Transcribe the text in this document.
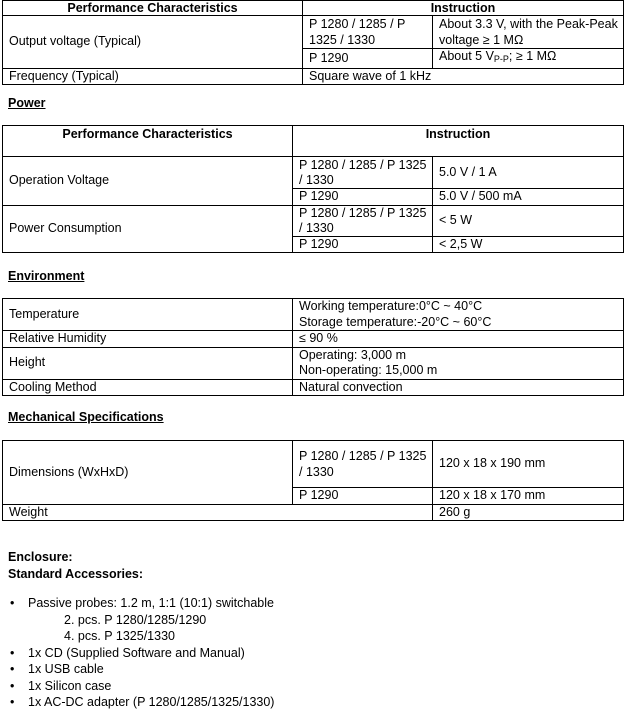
Performance Characteristics	Instruction	
Output voltage (Typical)	P 1280 / 1285 / P 1325 / 1330	About 3.3 V, with the Peak-Peak voltage ≥ 1 MΩ
	P 1290	About 5 $V_{P-P}$; ≥ 1 MΩ
Frequency (Typical)	Square wave of 1 kHz	
Power
Performance Characteristics	Instruction	
Operation Voltage	P 1280 / 1285 / P 1325 / 1330	5.0 V / 1 A
	P 1290	5.0 V / 500 mA
Power Consumption	P 1280 / 1285 / P 1325 / 1330	< 5 W
	P 1290	< 2,5 W
Environment
Temperature	Working temperature:0°C ~ 40°C
Storage temperature:-20°C ~ 60°C

Relative Humidity	≤ 90 %
Height	Operating: 3,000 m
Non-operating: 15,000 m

Cooling Method	Natural convection
Mechanical Specifications
Dimensions (WxHxD)	P 1280 / 1285 / P 1325 / 1330	120 x 18 x 190 mm
	P 1290	120 x 18 x 170 mm
Weight		260 g
Enclosure:
Standard Accessories:
• Passive probes: 1.2 m, 1:1 (10:1) switchable
2. pcs. P 1280/1285/1290
4. pcs. P 1325/1330
• 1x CD (Supplied Software and Manual)
• 1x USB cable
• 1x Silicon case
• 1x AC-DC adapter (P 1280/1285/1325/1330)
